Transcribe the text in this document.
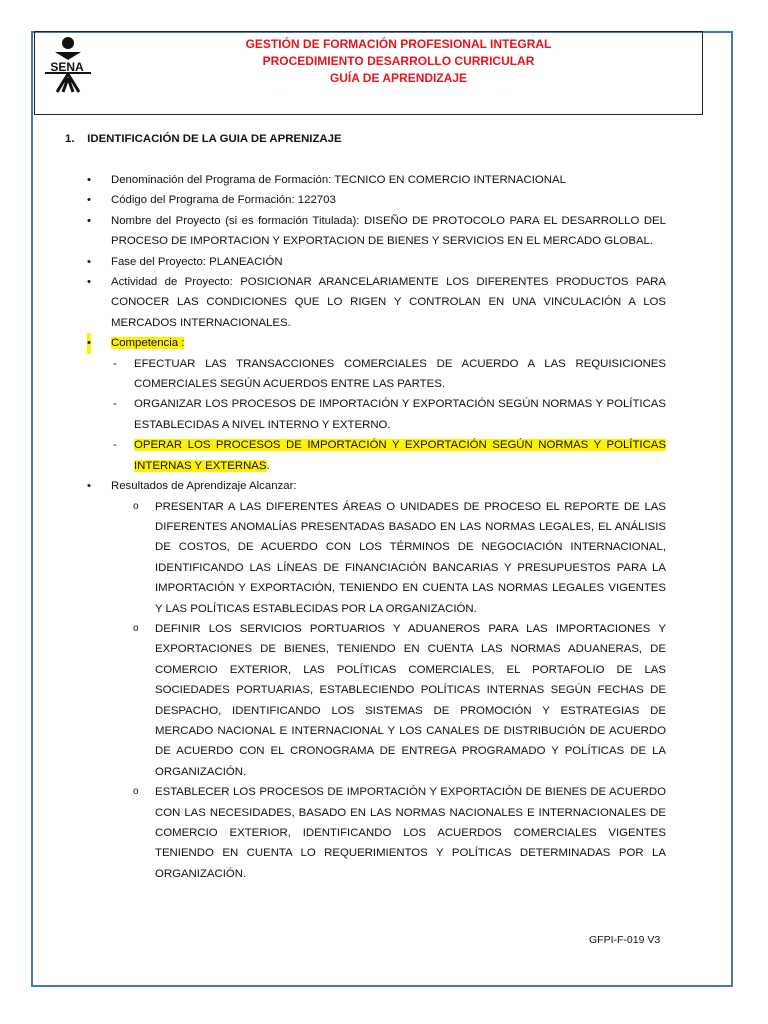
SENA
GESTIÓN DE FORMACIÓN PROFESIONAL INTEGRAL
PROCEDIMIENTO DESARROLLO CURRICULAR
GUÍA DE APRENDIZAJE
1. IDENTIFICACIÓN DE LA GUIA DE APRENIZAJE
• Denominación del Programa de Formación: TECNICO EN COMERCIO INTERNACIONAL
• Código del Programa de Formación: 122703
• Nombre del Proyecto (si es formación Titulada): DISEÑO DE PROTOCOLO PARA EL DESARROLLO DEL PROCESO DE IMPORTACION Y EXPORTACION DE BIENES Y SERVICIOS EN EL MERCADO GLOBAL.
• Fase del Proyecto: PLANEACIÓN
• Actividad de Proyecto: POSICIONAR ARANCELARIAMENTE LOS DIFERENTES PRODUCTOS PARA CONOCER LAS CONDICIONES QUE LO RIGEN Y CONTROLAN EN UNA VINCULACIÓN A LOS MERCADOS INTERNACIONALES.
• Competencia :
- EFECTUAR LAS TRANSACCIONES COMERCIALES DE ACUERDO A LAS REQUISICIONES COMERCIALES SEGÚN ACUERDOS ENTRE LAS PARTES.
- ORGANIZAR LOS PROCESOS DE IMPORTACIÓN Y EXPORTACIÓN SEGÚN NORMAS Y POLÍTICAS ESTABLECIDAS A NIVEL INTERNO Y EXTERNO.
- OPERAR LOS PROCESOS DE IMPORTACIÓN Y EXPORTACIÓN SEGÚN NORMAS Y POLÍTICAS INTERNAS Y EXTERNAS.
• Resultados de Aprendizaje Alcanzar:
o PRESENTAR A LAS DIFERENTES ÁREAS O UNIDADES DE PROCESO EL REPORTE DE LAS DIFERENTES ANOMALÍAS PRESENTADAS BASADO EN LAS NORMAS LEGALES, EL ANÁLISIS DE COSTOS, DE ACUERDO CON LOS TÉRMINOS DE NEGOCIACIÓN INTERNACIONAL, IDENTIFICANDO LAS LÍNEAS DE FINANCIACIÓN BANCARIAS Y PRESUPUESTOS PARA LA IMPORTACIÓN Y EXPORTACIÓN, TENIENDO EN CUENTA LAS NORMAS LEGALES VIGENTES Y LAS POLÍTICAS ESTABLECIDAS POR LA ORGANIZACIÓN.
o DEFINIR LOS SERVICIOS PORTUARIOS Y ADUANEROS PARA LAS IMPORTACIONES Y EXPORTACIONES DE BIENES, TENIENDO EN CUENTA LAS NORMAS ADUANERAS, DE COMERCIO EXTERIOR, LAS POLÍTICAS COMERCIALES, EL PORTAFOLIO DE LAS SOCIEDADES PORTUARIAS, ESTABLECIENDO POLÍTICAS INTERNAS SEGÚN FECHAS DE DESPACHO, IDENTIFICANDO LOS SISTEMAS DE PROMOCIÓN Y ESTRATEGIAS DE MERCADO NACIONAL E INTERNACIONAL Y LOS CANALES DE DISTRIBUCIÓN DE ACUERDO DE ACUERDO CON EL CRONOGRAMA DE ENTREGA PROGRAMADO Y POLÍTICAS DE LA ORGANIZACIÓN.
o ESTABLECER LOS PROCESOS DE IMPORTACIÓN Y EXPORTACIÓN DE BIENES DE ACUERDO CON LAS NECESIDADES, BASADO EN LAS NORMAS NACIONALES E INTERNACIONALES DE COMERCIO EXTERIOR, IDENTIFICANDO LOS ACUERDOS COMERCIALES VIGENTES TENIENDO EN CUENTA LO REQUERIMIENTOS Y POLÍTICAS DETERMINADAS POR LA ORGANIZACIÓN.
GFPI-F-019 V3
